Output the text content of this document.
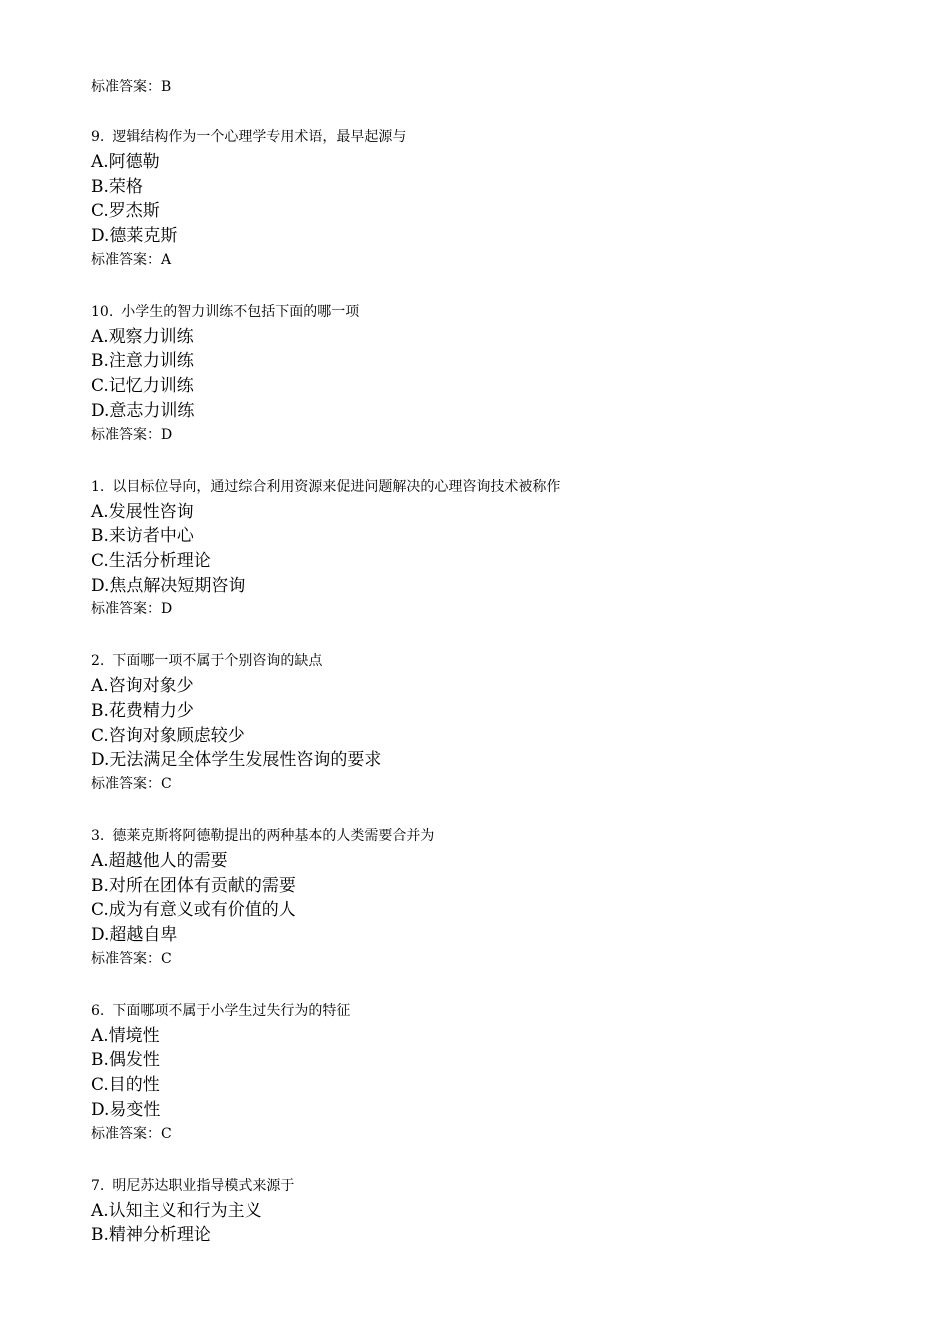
标准答案：B
9. 逻辑结构作为一个心理学专用术语，最早起源与
A.阿德勒
B.荣格
C.罗杰斯
D.德莱克斯
标准答案：A
10. 小学生的智力训练不包括下面的哪一项
A.观察力训练
B.注意力训练
C.记忆力训练
D.意志力训练
标准答案：D
1. 以目标位导向，通过综合利用资源来促进问题解决的心理咨询技术被称作
A.发展性咨询
B.来访者中心
C.生活分析理论
D.焦点解决短期咨询
标准答案：D
2. 下面哪一项不属于个别咨询的缺点
A.咨询对象少
B.花费精力少
C.咨询对象顾虑较少
D.无法满足全体学生发展性咨询的要求
标准答案：C
3. 德莱克斯将阿德勒提出的两种基本的人类需要合并为
A.超越他人的需要
B.对所在团体有贡献的需要
C.成为有意义或有价值的人
D.超越自卑
标准答案：C
6. 下面哪项不属于小学生过失行为的特征
A.情境性
B.偶发性
C.目的性
D.易变性
标准答案：C
7. 明尼苏达职业指导模式来源于
A.认知主义和行为主义
B.精神分析理论
